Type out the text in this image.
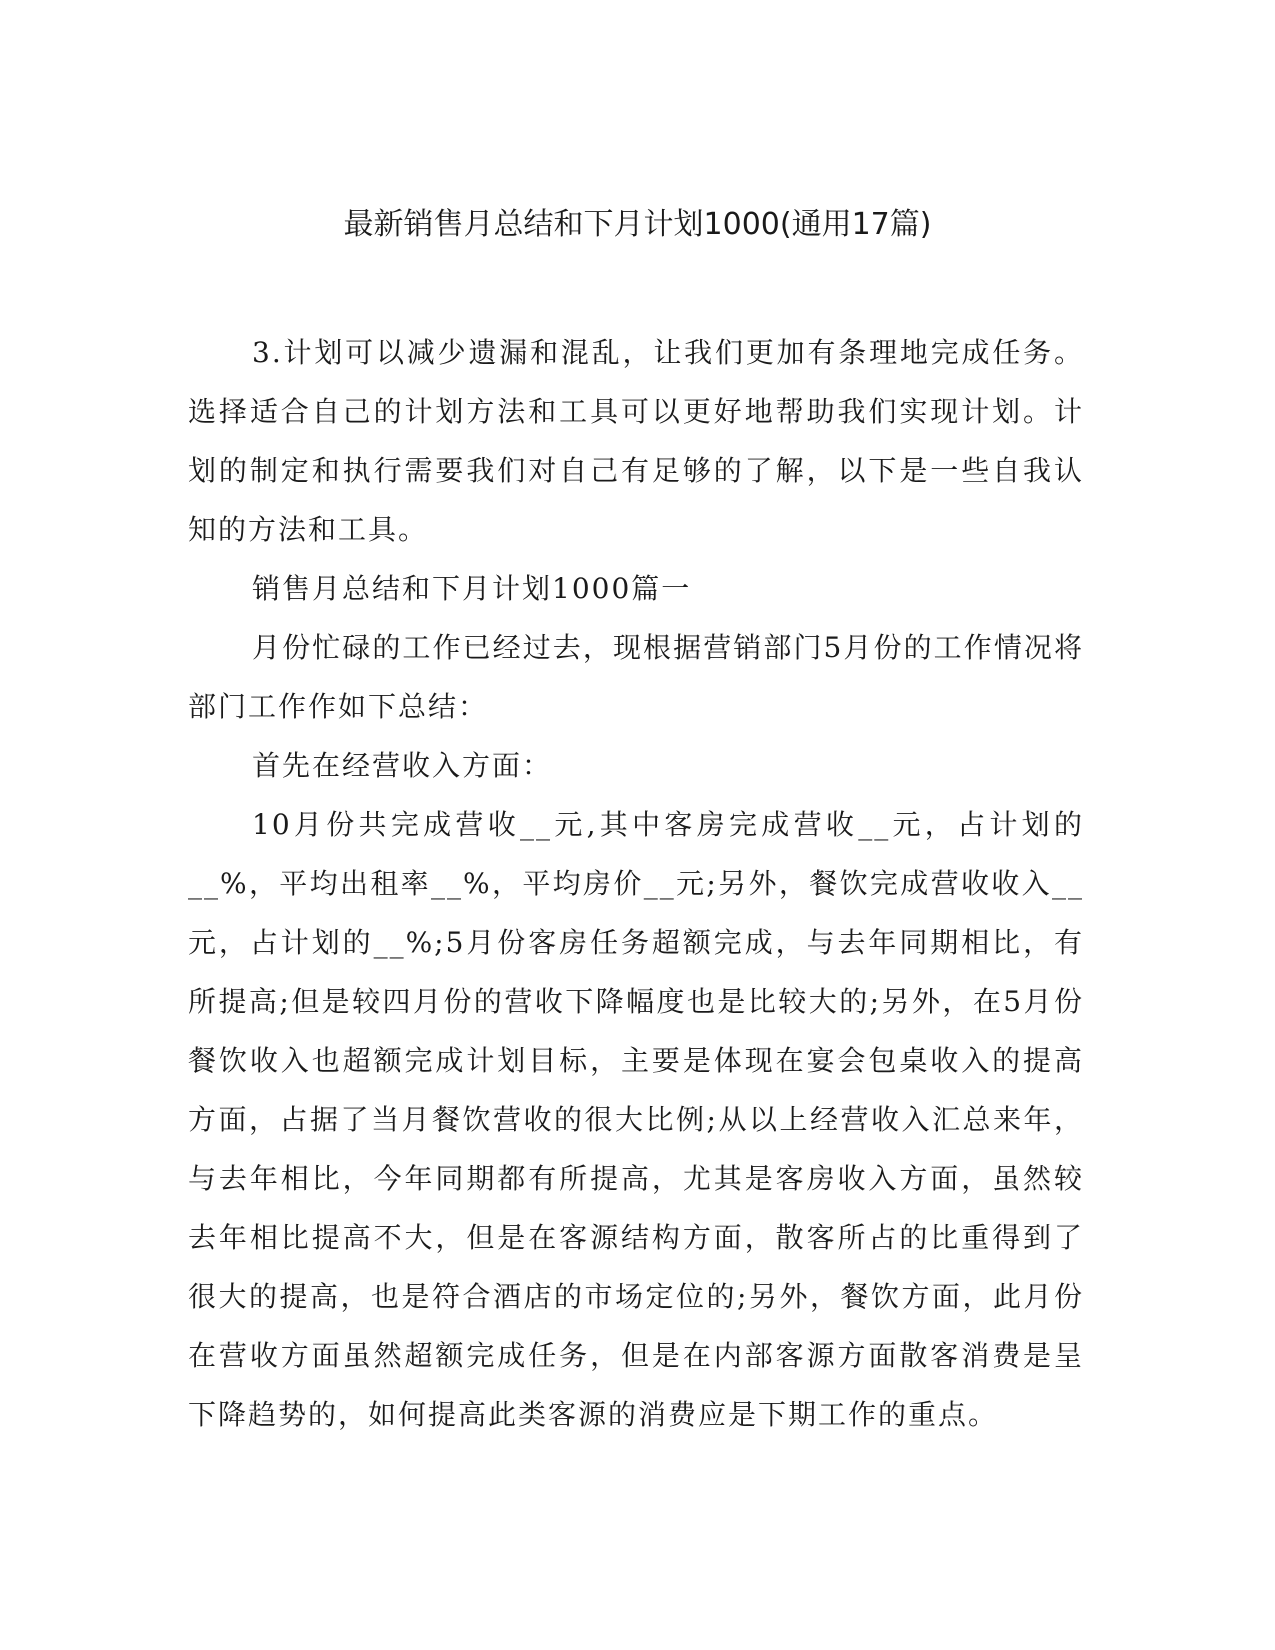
最新销售月总结和下月计划1000(通用17篇)

3.计划可以减少遗漏和混乱，让我们更加有条理地完成任务。选择适合自己的计划方法和工具可以更好地帮助我们实现计划。计划的制定和执行需要我们对自己有足够的了解，以下是一些自我认知的方法和工具。

销售月总结和下月计划1000篇一

月份忙碌的工作已经过去，现根据营销部门5月份的工作情况将部门工作作如下总结：

首先在经营收入方面：

10月份共完成营收__元,其中客房完成营收__元，占计划的__%，平均出租率__%，平均房价__元;另外，餐饮完成营收收入__元，占计划的__%;5月份客房任务超额完成，与去年同期相比，有所提高;但是较四月份的营收下降幅度也是比较大的;另外，在5月份餐饮收入也超额完成计划目标，主要是体现在宴会包桌收入的提高方面，占据了当月餐饮营收的很大比例;从以上经营收入汇总来年，与去年相比，今年同期都有所提高，尤其是客房收入方面，虽然较去年相比提高不大，但是在客源结构方面，散客所占的比重得到了很大的提高，也是符合酒店的市场定位的;另外，餐饮方面，此月份在营收方面虽然超额完成任务，但是在内部客源方面散客消费是呈下降趋势的，如何提高此类客源的消费应是下期工作的重点。
